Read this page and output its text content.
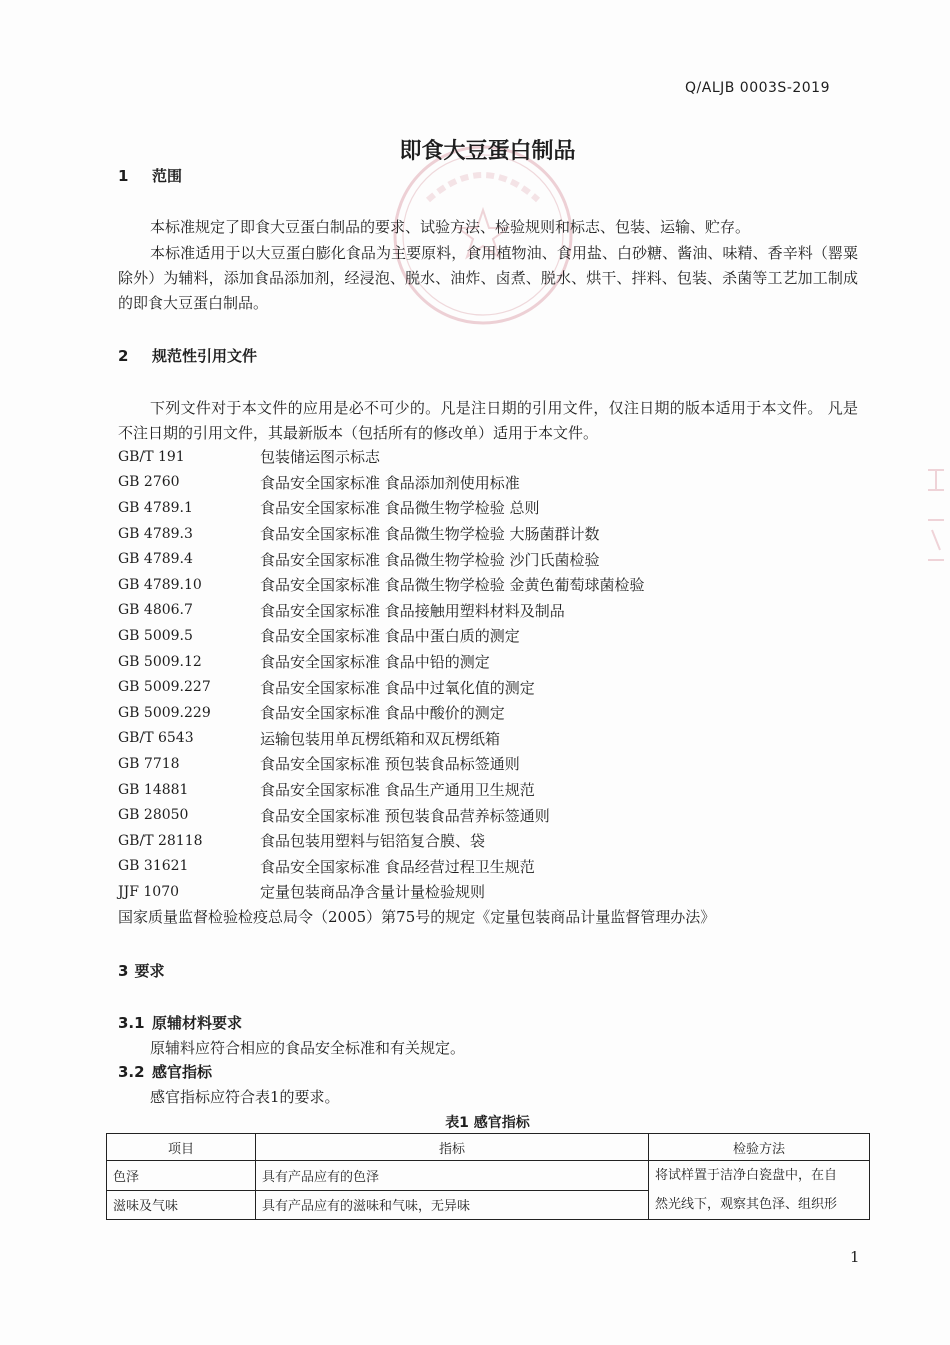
Q/ALJB 0003S-2019
即食大豆蛋白制品
1 范围
本标准规定了即食大豆蛋白制品的要求、试验方法、检验规则和标志、包装、运输、贮存。
本标准适用于以大豆蛋白膨化食品为主要原料，食用植物油、食用盐、白砂糖、酱油、味精、香辛料（罂粟除外）为辅料，添加食品添加剂，经浸泡、脱水、油炸、卤煮、脱水、烘干、拌料、包装、杀菌等工艺加工制成的即食大豆蛋白制品。
2 规范性引用文件
下列文件对于本文件的应用是必不可少的。凡是注日期的引用文件，仅注日期的版本适用于本文件。 凡是不注日期的引用文件，其最新版本（包括所有的修改单）适用于本文件。
GB/T 191	包装储运图示标志
GB 2760	食品安全国家标准 食品添加剂使用标准
GB 4789.1	食品安全国家标准 食品微生物学检验 总则
GB 4789.3	食品安全国家标准 食品微生物学检验 大肠菌群计数
GB 4789.4	食品安全国家标准 食品微生物学检验 沙门氏菌检验
GB 4789.10	食品安全国家标准 食品微生物学检验 金黄色葡萄球菌检验
GB 4806.7	食品安全国家标准 食品接触用塑料材料及制品
GB 5009.5	食品安全国家标准 食品中蛋白质的测定
GB 5009.12	食品安全国家标准 食品中铅的测定
GB 5009.227	食品安全国家标准 食品中过氧化值的测定
GB 5009.229	食品安全国家标准 食品中酸价的测定
GB/T 6543	运输包装用单瓦楞纸箱和双瓦楞纸箱
GB 7718	食品安全国家标准 预包装食品标签通则
GB 14881	食品安全国家标准 食品生产通用卫生规范
GB 28050	食品安全国家标准 预包装食品营养标签通则
GB/T 28118	食品包装用塑料与铝箔复合膜、袋
GB 31621	食品安全国家标准 食品经营过程卫生规范
JJF 1070	定量包装商品净含量计量检验规则
国家质量监督检验检疫总局令（2005）第75号的规定《定量包装商品计量监督管理办法》
3 要求
3.1 原辅材料要求
原辅料应符合相应的食品安全标准和有关规定。
3.2 感官指标
感官指标应符合表1的要求。
表1 感官指标
项目	指标	检验方法
色泽	具有产品应有的色泽	将试样置于洁净白瓷盘中，在自
然光线下，观察其色泽、组织形

滋味及气味	具有产品应有的滋味和气味，无异味	
1
